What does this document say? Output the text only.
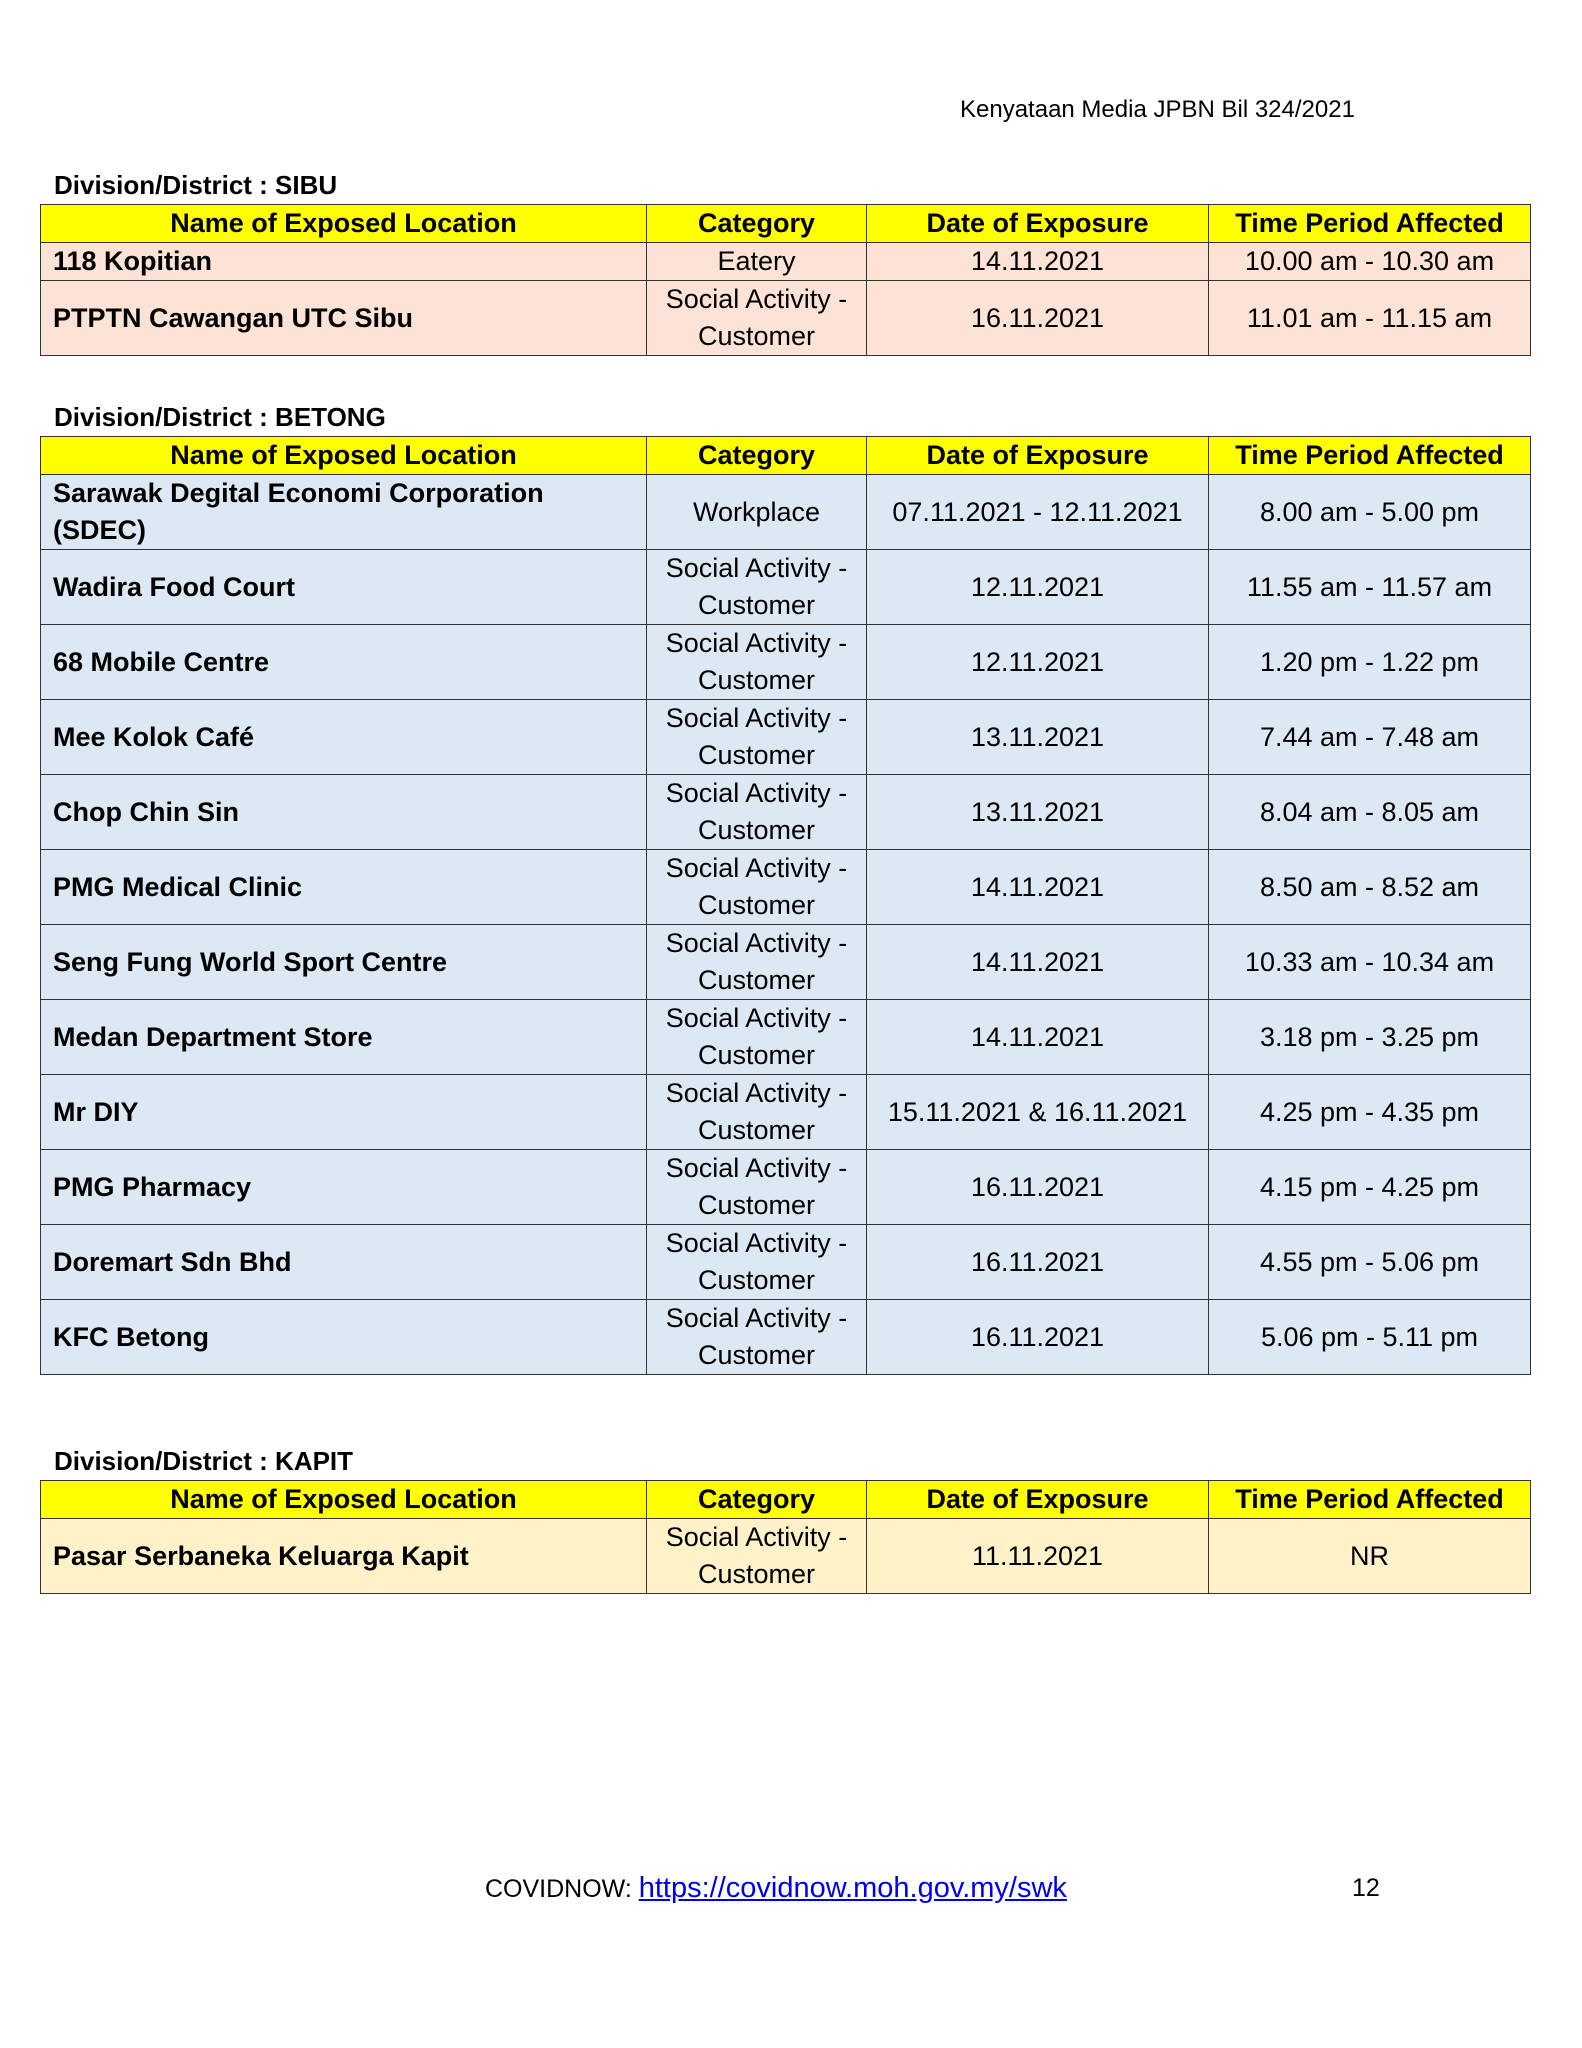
Kenyataan Media JPBN Bil 324/2021
Division/District : SIBU
Name of Exposed Location	Category	Date of Exposure	Time Period Affected
118 Kopitian	Eatery	14.11.2021	10.00 am - 10.30 am
PTPTN Cawangan UTC Sibu	Social Activity - Customer	16.11.2021	11.01 am - 11.15 am
Division/District : BETONG
Name of Exposed Location	Category	Date of Exposure	Time Period Affected
Sarawak Degital Economi Corporation (SDEC)	Workplace	07.11.2021 - 12.11.2021	8.00 am - 5.00 pm
Wadira Food Court	Social Activity - Customer	12.11.2021	11.55 am - 11.57 am
68 Mobile Centre	Social Activity - Customer	12.11.2021	1.20 pm - 1.22 pm
Mee Kolok Café	Social Activity - Customer	13.11.2021	7.44 am - 7.48 am
Chop Chin Sin	Social Activity - Customer	13.11.2021	8.04 am - 8.05 am
PMG Medical Clinic	Social Activity - Customer	14.11.2021	8.50 am - 8.52 am
Seng Fung World Sport Centre	Social Activity - Customer	14.11.2021	10.33 am - 10.34 am
Medan Department Store	Social Activity - Customer	14.11.2021	3.18 pm - 3.25 pm
Mr DIY	Social Activity - Customer	15.11.2021 & 16.11.2021	4.25 pm - 4.35 pm
PMG Pharmacy	Social Activity - Customer	16.11.2021	4.15 pm - 4.25 pm
Doremart Sdn Bhd	Social Activity - Customer	16.11.2021	4.55 pm - 5.06 pm
KFC Betong	Social Activity - Customer	16.11.2021	5.06 pm - 5.11 pm
Division/District : KAPIT
Name of Exposed Location	Category	Date of Exposure	Time Period Affected
Pasar Serbaneka Keluarga Kapit	Social Activity - Customer	11.11.2021	NR
COVIDNOW: https://covidnow.moh.gov.my/swk	12
